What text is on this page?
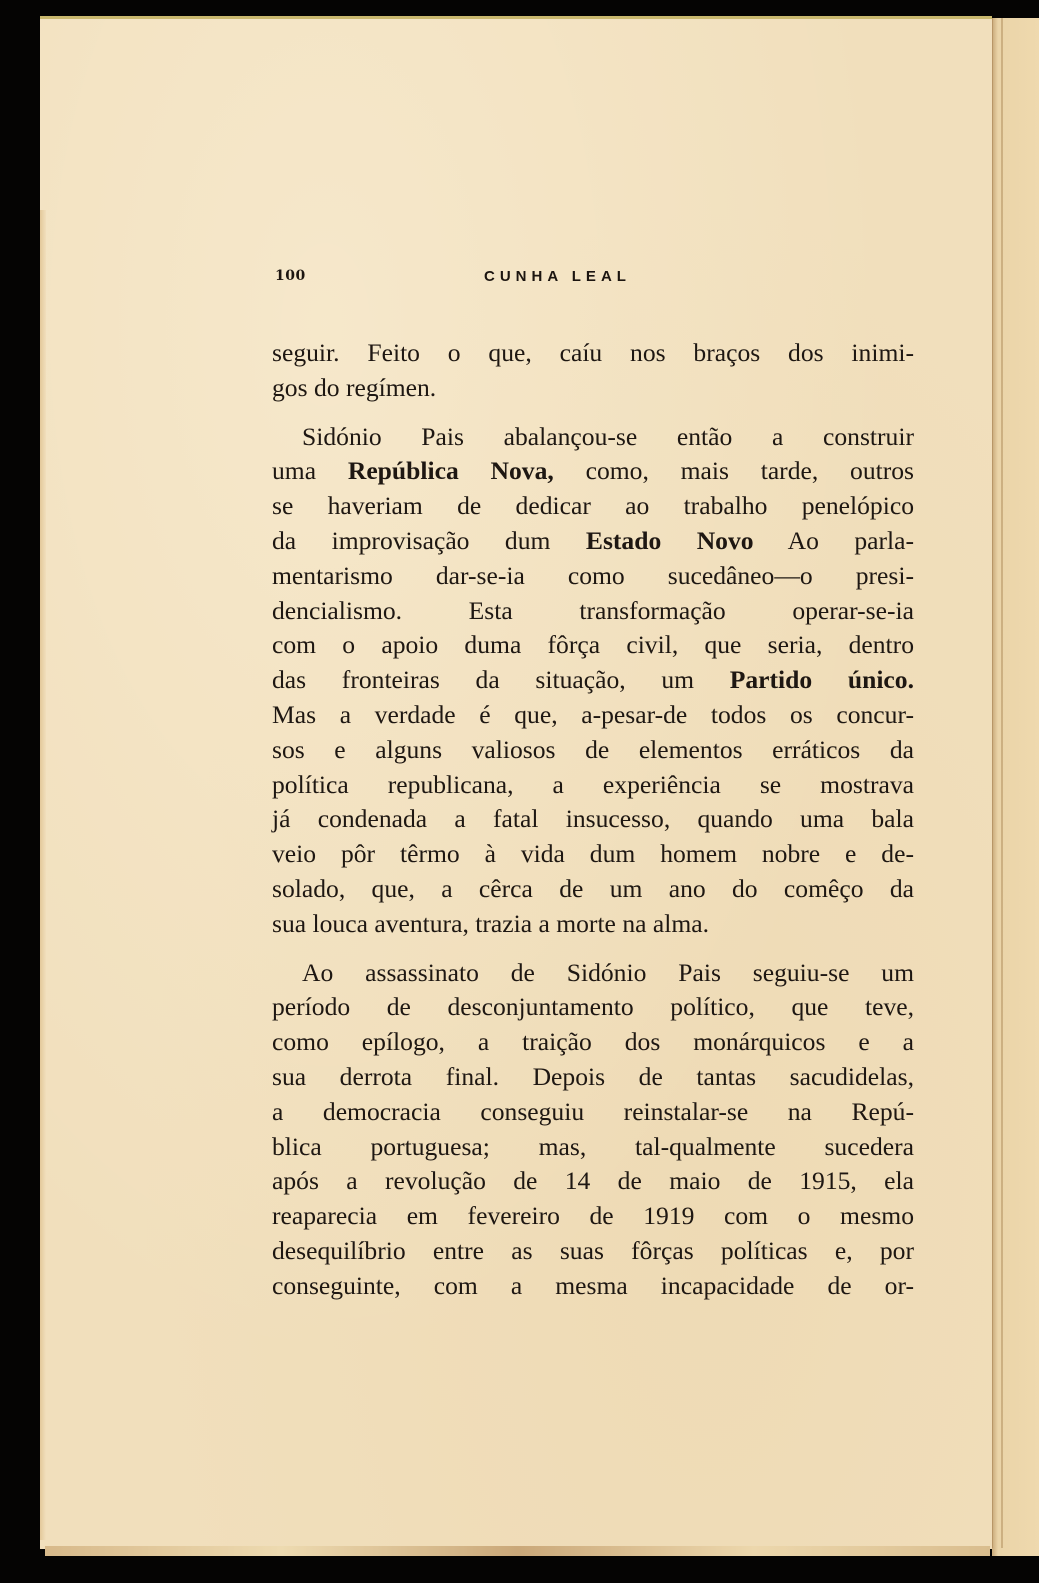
100	CUNHA LEAL
seguir. Feito o que, caíu nos braços dos inimi-
gos do regímen.
Sidónio Pais abalançou-se então a construir
uma República Nova, como, mais tarde, outros
se haveriam de dedicar ao trabalho penelópico
da improvisação dum Estado Novo Ao parla-
mentarismo dar-se-ia como sucedâneo—o presi-
dencialismo. Esta transformação operar-se-ia
com o apoio duma fôrça civil, que seria, dentro
das fronteiras da situação, um Partido único.
Mas a verdade é que, a-pesar-de todos os concur-
sos e alguns valiosos de elementos erráticos da
política republicana, a experiência se mostrava
já condenada a fatal insucesso, quando uma bala
veio pôr têrmo à vida dum homem nobre e de-
solado, que, a cêrca de um ano do comêço da
sua louca aventura, trazia a morte na alma.
Ao assassinato de Sidónio Pais seguiu-se um
período de desconjuntamento político, que teve,
como epílogo, a traição dos monárquicos e a
sua derrota final. Depois de tantas sacudidelas,
a democracia conseguiu reinstalar-se na Repú-
blica portuguesa; mas, tal-qualmente sucedera
após a revolução de 14 de maio de 1915, ela
reaparecia em fevereiro de 1919 com o mesmo
desequilíbrio entre as suas fôrças políticas e, por
conseguinte, com a mesma incapacidade de or-
